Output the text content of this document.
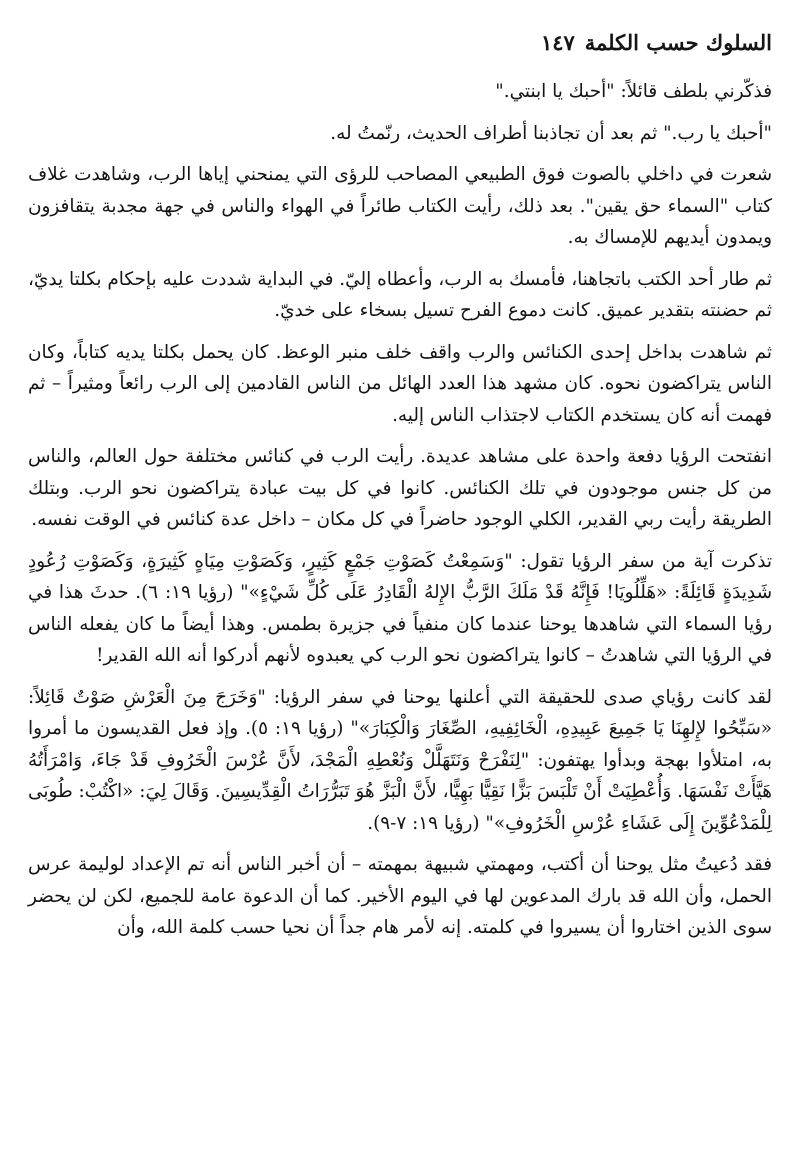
السلوك حسب الكلمة
١٤٧

فذكّرني بلطف قائلاً: "أحبك يا ابنتي."

"أحبك يا رب." ثم بعد أن تجاذبنا أطراف الحديث، رنّمتُ له.

شعرت في داخلي بالصوت فوق الطبيعي المصاحب للرؤى التي يمنحني إياها الرب، وشاهدت غلاف كتاب "السماء حق يقين". بعد ذلك، رأيت الكتاب طائراً في الهواء والناس في جهة مجدبة يتقافزون ويمدون أيديهم للإمساك به.

ثم طار أحد الكتب باتجاهنا، فأمسك به الرب، وأعطاه إليّ. في البداية شددت عليه بإحكام بكلتا يديّ، ثم حضنته بتقدير عميق. كانت دموع الفرح تسيل بسخاء على خديّ.

ثم شاهدت بداخل إحدى الكنائس والرب واقف خلف منبر الوعظ. كان يحمل بكلتا يديه كتاباً، وكان الناس يتراكضون نحوه. كان مشهد هذا العدد الهائل من الناس القادمين إلى الرب رائعاً ومثيراً – ثم فهمت أنه كان يستخدم الكتاب لاجتذاب الناس إليه.

انفتحت الرؤيا دفعة واحدة على مشاهد عديدة. رأيت الرب في كنائس مختلفة حول العالم، والناس من كل جنس موجودون في تلك الكنائس. كانوا في كل بيت عبادة يتراكضون نحو الرب. وبتلك الطريقة رأيت ربي القدير، الكلي الوجود حاضراً في كل مكان – داخل عدة كنائس في الوقت نفسه.

تذكرت آية من سفر الرؤيا تقول: "وَسَمِعْتُ كَصَوْتِ جَمْعٍ كَثِيرٍ، وَكَصَوْتِ مِيَاهٍ كَثِيرَةٍ، وَكَصَوْتِ رُعُودٍ شَدِيدَةٍ قَائِلَةً: «هَلِّلُويَا! فَإِنَّهُ قَدْ مَلَكَ الرَّبُّ الإِلهُ الْقَادِرُ عَلَى كُلِّ شَيْءٍ»" (رؤيا ١٩: ٦). حدثَ هذا في رؤيا السماء التي شاهدها يوحنا عندما كان منفياً في جزيرة بطمس. وهذا أيضاً ما كان يفعله الناس في الرؤيا التي شاهدتُ – كانوا يتراكضون نحو الرب كي يعبدوه لأنهم أدركوا أنه الله القدير!

لقد كانت رؤياي صدى للحقيقة التي أعلنها يوحنا في سفر الرؤيا: "وَخَرَجَ مِنَ الْعَرْشِ صَوْتٌ قَائِلاً: «سَبِّحُوا لإِلهِنَا يَا جَمِيعَ عَبِيدِهِ، الْخَائِفِيهِ، الصِّغَارَ وَالْكِبَارَ»" (رؤيا ١٩: ٥). وإذ فعل القديسون ما أمروا به، امتلأوا بهجة وبدأوا يهتفون: "لِنَفْرَحْ وَنَتَهَلَّلْ وَنُعْطِهِ الْمَجْدَ، لأَنَّ عُرْسَ الْخَرُوفِ قَدْ جَاءَ، وَامْرَأَتُهُ هَيَّأَتْ نَفْسَهَا. وَأُعْطِيَتْ أَنْ تَلْبَسَ بَزًّا نَقِيًّا بَهِيًّا، لأَنَّ الْبَزَّ هُوَ تَبَرُّرَاتُ الْقِدِّيسِينَ. وَقَالَ لِيَ: «اكْتُبْ: طُوبَى لِلْمَدْعُوِّينَ إِلَى عَشَاءِ عُرْسِ الْخَرُوفِ»" (رؤيا ١٩: ٧-٩).

فقد دُعيتُ مثل يوحنا أن أكتب، ومهمتي شبيهة بمهمته – أن أخبر الناس أنه تم الإعداد لوليمة عرس الحمل، وأن الله قد بارك المدعوين لها في اليوم الأخير. كما أن الدعوة عامة للجميع، لكن لن يحضر سوى الذين اختاروا أن يسيروا في كلمته. إنه لأمر هام جداً أن نحيا حسب كلمة الله، وأن
